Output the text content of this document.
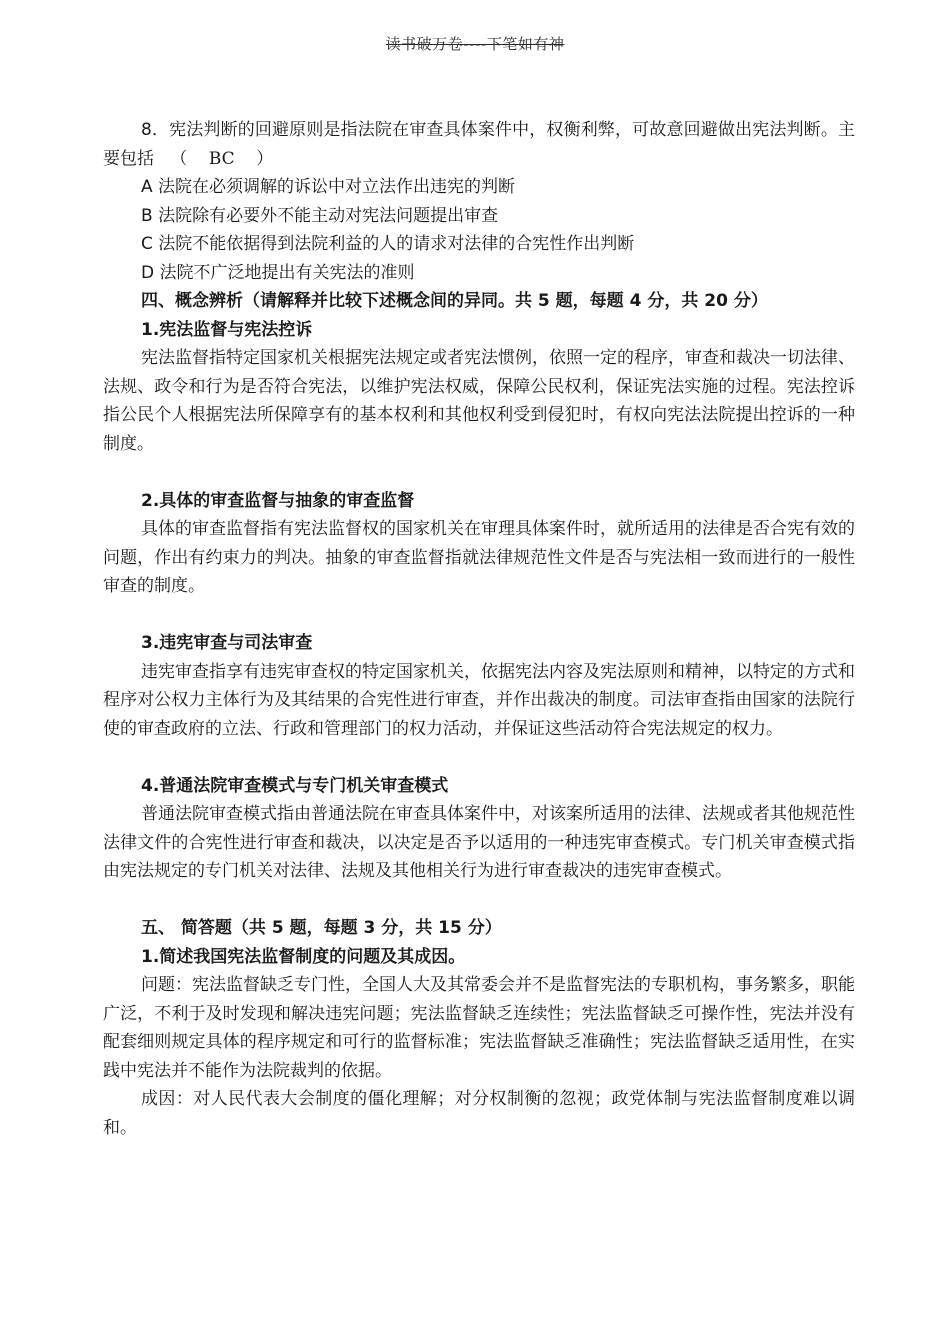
读书破万卷----下笔如有神

8．宪法判断的回避原则是指法院在审查具体案件中，权衡利弊，可故意回避做出宪法判断。主要包括 （ BC ）

A 法院在必须调解的诉讼中对立法作出违宪的判断

B 法院除有必要外不能主动对宪法问题提出审查

C 法院不能依据得到法院利益的人的请求对法律的合宪性作出判断

D 法院不广泛地提出有关宪法的准则

四、概念辨析（请解释并比较下述概念间的异同。共 5 题，每题 4 分，共 20 分）

1.宪法监督与宪法控诉

宪法监督指特定国家机关根据宪法规定或者宪法惯例，依照一定的程序，审查和裁决一切法律、法规、政令和行为是否符合宪法，以维护宪法权威，保障公民权利，保证宪法实施的过程。宪法控诉指公民个人根据宪法所保障享有的基本权利和其他权利受到侵犯时，有权向宪法法院提出控诉的一种制度。

2.具体的审查监督与抽象的审查监督

具体的审查监督指有宪法监督权的国家机关在审理具体案件时，就所适用的法律是否合宪有效的问题，作出有约束力的判决。抽象的审查监督指就法律规范性文件是否与宪法相一致而进行的一般性审查的制度。

3.违宪审查与司法审查

违宪审查指享有违宪审查权的特定国家机关，依据宪法内容及宪法原则和精神，以特定的方式和程序对公权力主体行为及其结果的合宪性进行审查，并作出裁决的制度。司法审查指由国家的法院行使的审查政府的立法、行政和管理部门的权力活动，并保证这些活动符合宪法规定的权力。

4.普通法院审查模式与专门机关审查模式

普通法院审查模式指由普通法院在审查具体案件中，对该案所适用的法律、法规或者其他规范性法律文件的合宪性进行审查和裁决，以决定是否予以适用的一种违宪审查模式。专门机关审查模式指由宪法规定的专门机关对法律、法规及其他相关行为进行审查裁决的违宪审查模式。

五、 简答题（共 5 题，每题 3 分，共 15 分）

1.简述我国宪法监督制度的问题及其成因。

问题：宪法监督缺乏专门性，全国人大及其常委会并不是监督宪法的专职机构，事务繁多，职能广泛，不利于及时发现和解决违宪问题；宪法监督缺乏连续性；宪法监督缺乏可操作性，宪法并没有配套细则规定具体的程序规定和可行的监督标准；宪法监督缺乏准确性；宪法监督缺乏适用性，在实践中宪法并不能作为法院裁判的依据。

成因：对人民代表大会制度的僵化理解；对分权制衡的忽视；政党体制与宪法监督制度难以调和。
